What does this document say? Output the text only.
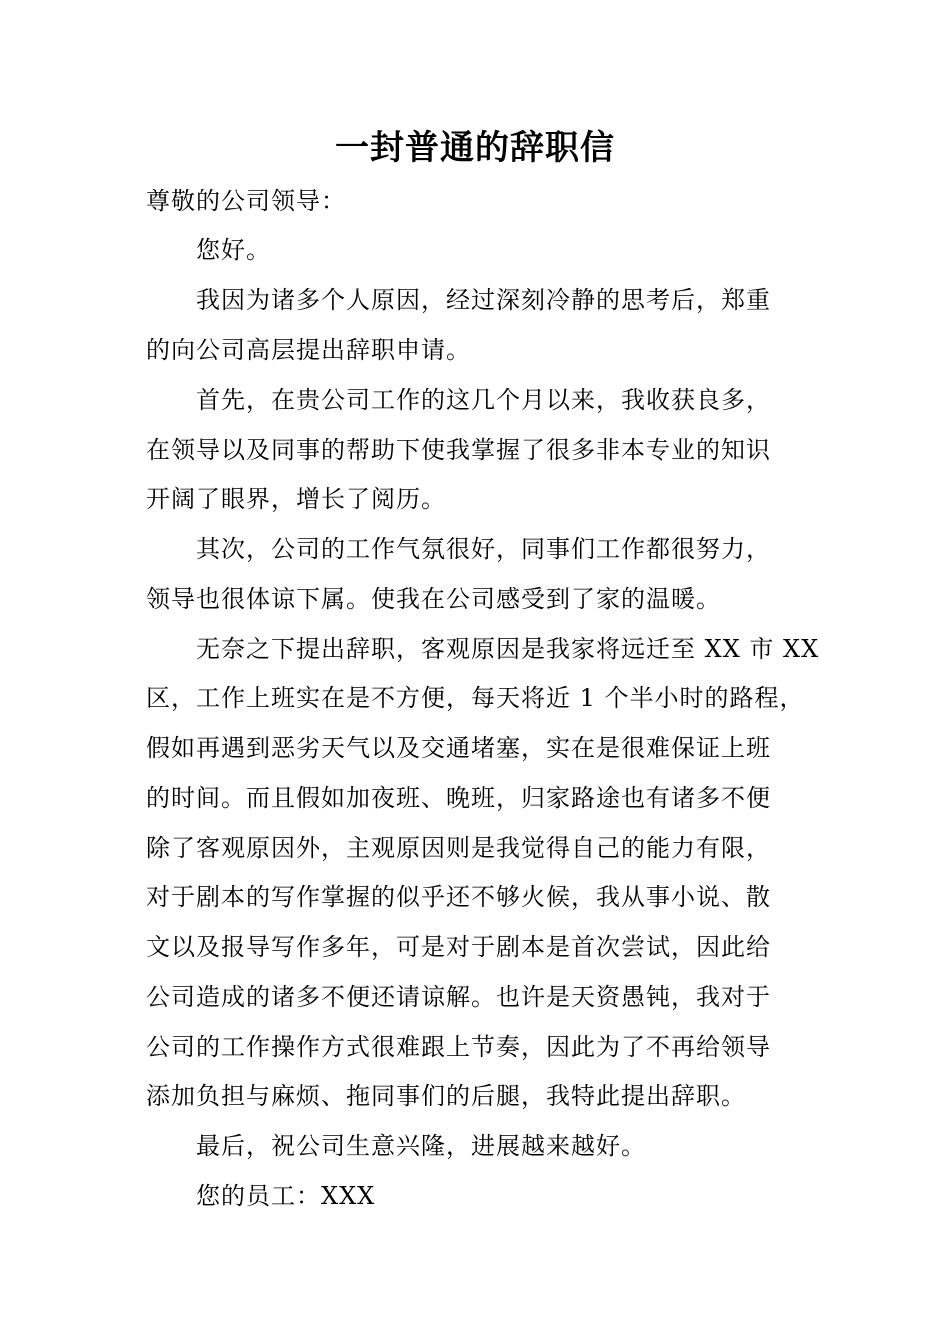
一封普通的辞职信

尊敬的公司领导：

您好。

我因为诸多个人原因，经过深刻冷静的思考后，郑重

的向公司高层提出辞职申请。

首先，在贵公司工作的这几个月以来，我收获良多，

在领导以及同事的帮助下使我掌握了很多非本专业的知识

开阔了眼界，增长了阅历。

其次，公司的工作气氛很好，同事们工作都很努力，

领导也很体谅下属。使我在公司感受到了家的温暖。

无奈之下提出辞职，客观原因是我家将远迁至 XX 市 XX

区，工作上班实在是不方便，每天将近 1 个半小时的路程，

假如再遇到恶劣天气以及交通堵塞，实在是很难保证上班

的时间。而且假如加夜班、晚班，归家路途也有诸多不便

除了客观原因外，主观原因则是我觉得自己的能力有限，

对于剧本的写作掌握的似乎还不够火候，我从事小说、散

文以及报导写作多年，可是对于剧本是首次尝试，因此给

公司造成的诸多不便还请谅解。也许是天资愚钝，我对于

公司的工作操作方式很难跟上节奏，因此为了不再给领导

添加负担与麻烦、拖同事们的后腿，我特此提出辞职。

最后，祝公司生意兴隆，进展越来越好。

您的员工：XXX
